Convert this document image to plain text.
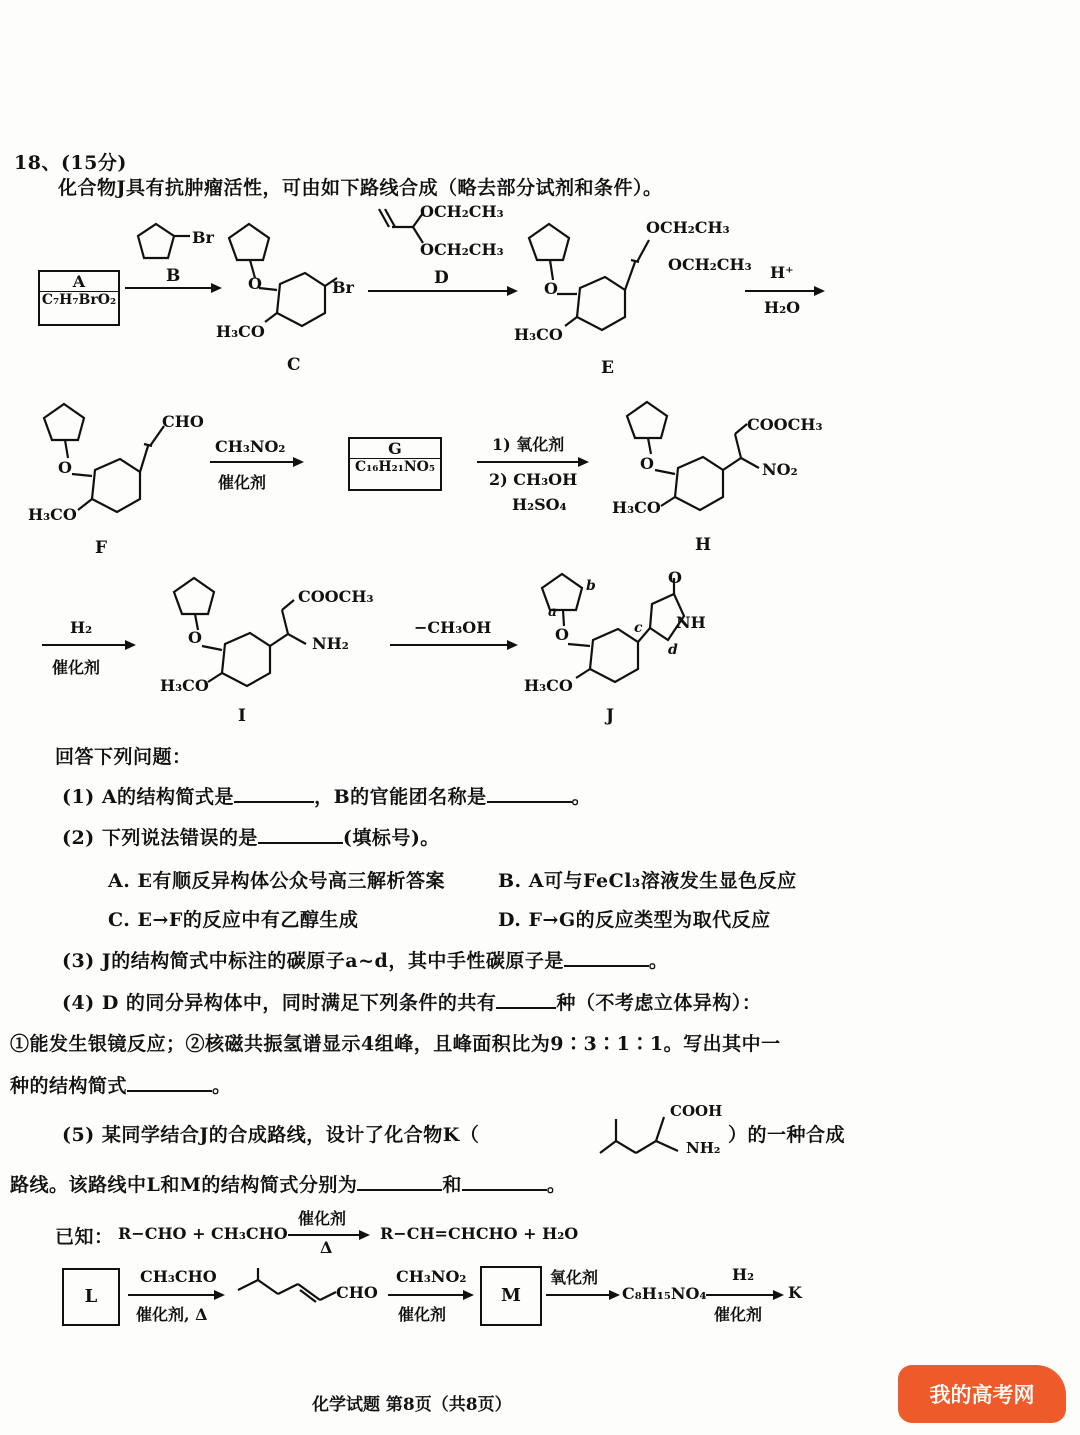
18、(15分)
化合物J具有抗肿瘤活性，可由如下路线合成（略去部分试剂和条件）。
A
C₇H₇BrO₂
Br
B	O	Br
H₃CO
C
OCH₂CH₃
OCH₂CH₃
D
O
OCH₂CH₃
OCH₂CH₃
H₃CO
E
H⁺
H₂O
O
CHO
H₃CO
F
CH₃NO₂
催化剂
G
C₁₆H₂₁NO₅
1) 氧化剂
2) CH₃OH
H₂SO₄
O
COOCH₃
NO₂
H₃CO
H
H₂
催化剂
O
COOCH₃
NH₂
H₃CO
I
−CH₃OH	O
O
NH
H₃CO
a
b
c
d
J
回答下列问题：
(1) A的结构简式是	，B的官能团名称是	。
(2) 下列说法错误的是	(填标号)。
A. E有顺反异构体公众号高三解析答案	B. A可与FeCl₃溶液发生显色反应
C. E→F的反应中有乙醇生成	D. F→G的反应类型为取代反应
(3) J的结构简式中标注的碳原子a~d，其中手性碳原子是	。
(4) D 的同分异构体中，同时满足下列条件的共有	种（不考虑立体异构）：
①能发生银镜反应；②核磁共振氢谱显示4组峰，且峰面积比为9∶3∶1∶1。写出其中一
种的结构简式	。
(5) 某同学结合J的合成路线，设计了化合物K（
COOH
NH₂
）的一种合成
路线。该路线中L和M的结构简式分别为	和	。
已知： R−CHO + CH₃CHO
催化剂
Δ
R−CH=CHCHO + H₂O
L
CH₃CHO
催化剂, Δ
CHO
CH₃NO₂
催化剂
M
氧化剂
C₈H₁₅NO₄
H₂
催化剂
K
化学试题 第8页（共8页）	我的高考网
